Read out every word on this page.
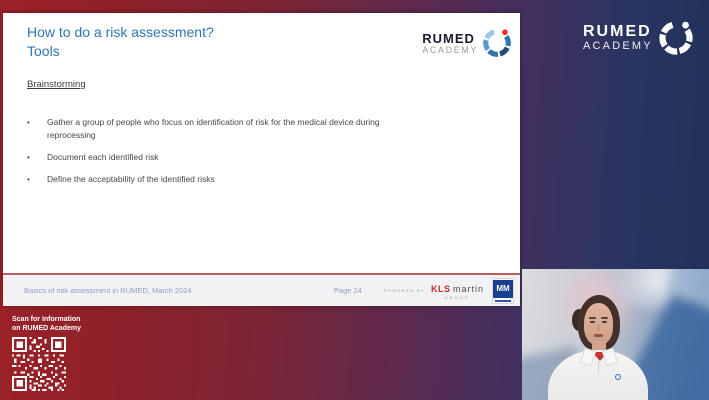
How to do a risk assessment?
Tools
RUMED
ACADEMY
Brainstorming
•	Gather a group of people who focus on identification of risk for the medical device during reprocessing
•	Document each identified risk
•	Define the acceptability of the identified risks
Basics of risk assessment in RUMED, March 2024	Page 24	POWERED BY KLS martin
GROUP
MM
RUMED
ACADEMY
Scan for Information
on RUMED Academy
